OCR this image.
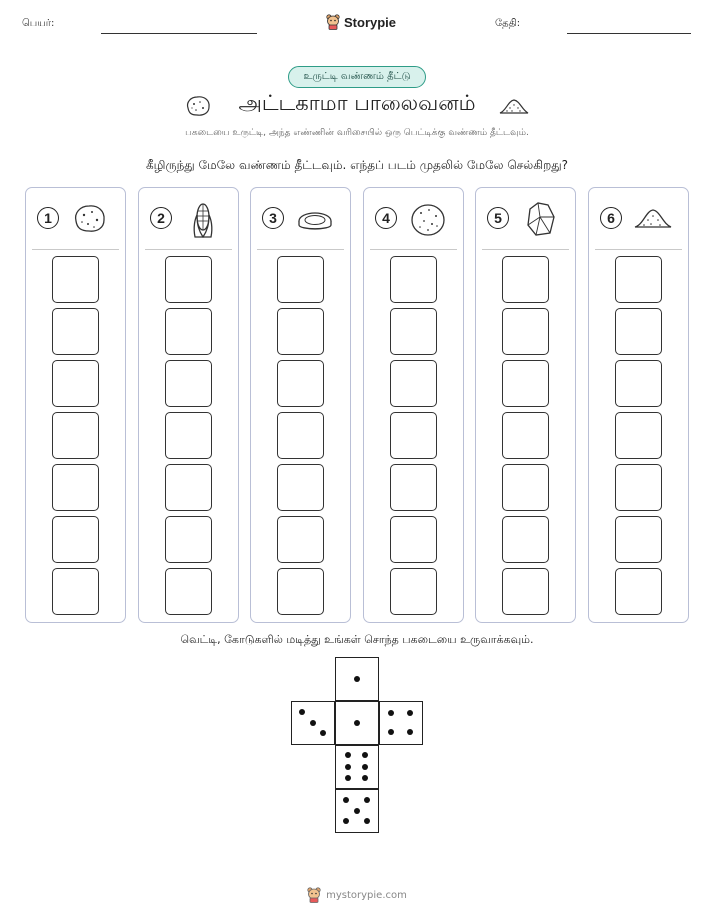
பெயர்:	Storypie	தேதி:
உருட்டி வண்ணம் தீட்டு
அட்டகாமா பாலைவனம்
பகடையை உருட்டி, அந்த எண்ணின் வரிசையில் ஒரு பெட்டிக்கு வண்ணம் தீட்டவும்.
கீழிருந்து மேலே வண்ணம் தீட்டவும். எந்தப் படம் முதலில் மேலே செல்கிறது?
1	2	3	4	5	6
வெட்டி, கோடுகளில் மடித்து உங்கள் சொந்த பகடையை உருவாக்கவும்.
mystorypie.com
